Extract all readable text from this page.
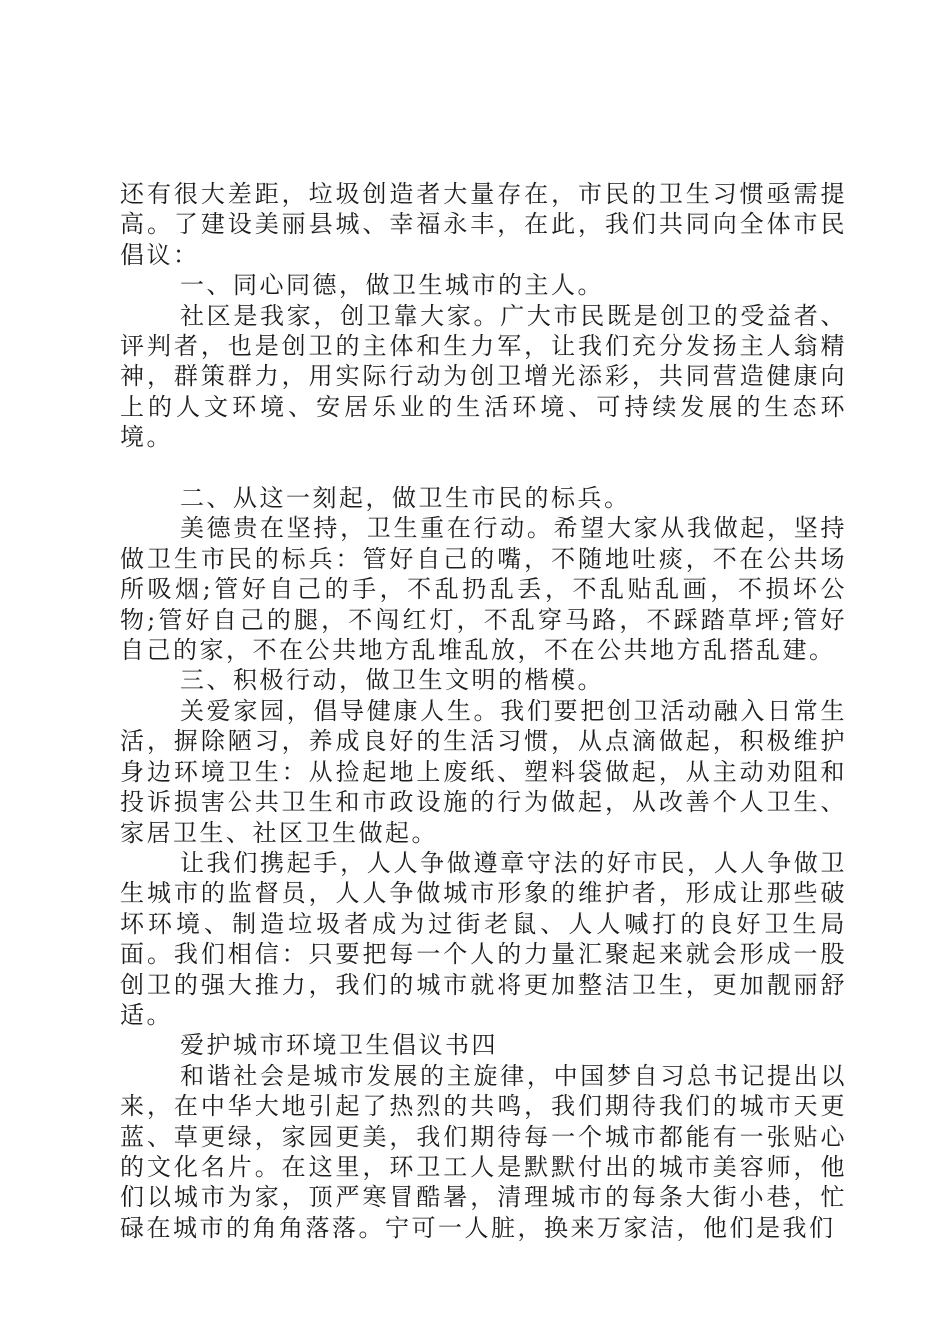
还有很大差距，垃圾创造者大量存在，市民的卫生习惯亟需提高。了建设美丽县城、幸福永丰，在此，我们共同向全体市民倡议：

一、同心同德，做卫生城市的主人。

社区是我家，创卫靠大家。广大市民既是创卫的受益者、评判者，也是创卫的主体和生力军，让我们充分发扬主人翁精神，群策群力，用实际行动为创卫增光添彩，共同营造健康向上的人文环境、安居乐业的生活环境、可持续发展的生态环境。

二、从这一刻起，做卫生市民的标兵。

美德贵在坚持，卫生重在行动。希望大家从我做起，坚持做卫生市民的标兵：管好自己的嘴，不随地吐痰，不在公共场所吸烟;管好自己的手，不乱扔乱丢，不乱贴乱画，不损坏公物;管好自己的腿，不闯红灯，不乱穿马路，不踩踏草坪;管好自己的家，不在公共地方乱堆乱放，不在公共地方乱搭乱建。

三、积极行动，做卫生文明的楷模。

关爱家园，倡导健康人生。我们要把创卫活动融入日常生活，摒除陋习，养成良好的生活习惯，从点滴做起，积极维护身边环境卫生：从捡起地上废纸、塑料袋做起，从主动劝阻和投诉损害公共卫生和市政设施的行为做起，从改善个人卫生、家居卫生、社区卫生做起。

让我们携起手，人人争做遵章守法的好市民，人人争做卫生城市的监督员，人人争做城市形象的维护者，形成让那些破坏环境、制造垃圾者成为过街老鼠、人人喊打的良好卫生局面。我们相信：只要把每一个人的力量汇聚起来就会形成一股创卫的强大推力，我们的城市就将更加整洁卫生，更加靓丽舒适。

爱护城市环境卫生倡议书四

和谐社会是城市发展的主旋律，中国梦自习总书记提出以来，在中华大地引起了热烈的共鸣，我们期待我们的城市天更蓝、草更绿，家园更美，我们期待每一个城市都能有一张贴心的文化名片。在这里，环卫工人是默默付出的城市美容师，他们以城市为家，顶严寒冒酷暑，清理城市的每条大街小巷，忙碌在城市的角角落落。宁可一人脏，换来万家洁，他们是我们
